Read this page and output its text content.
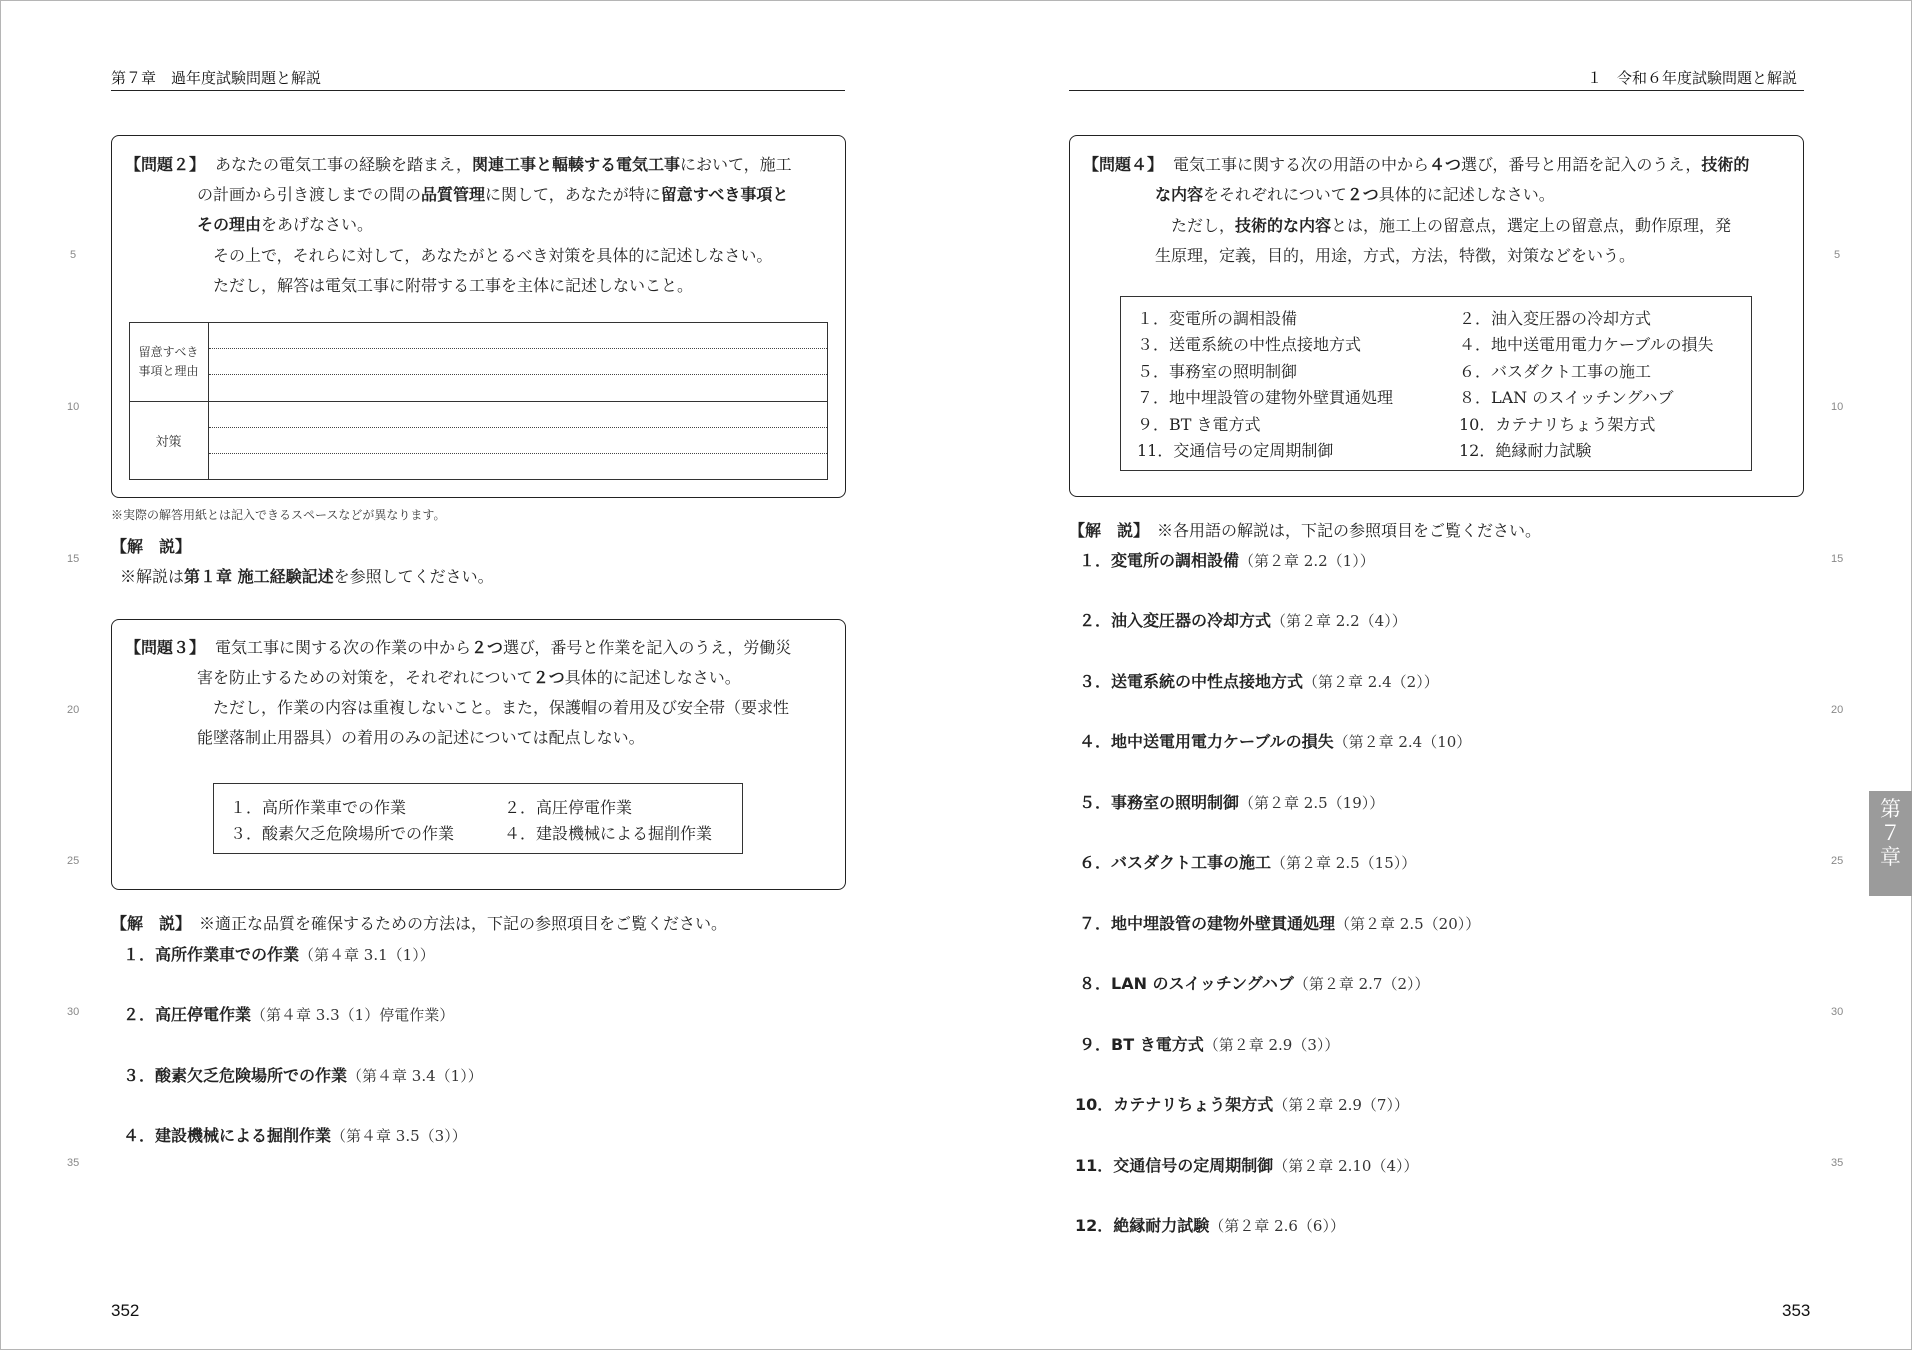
第７章　過年度試験問題と解説
5
10
15
20
25
30
35
【問題２】 あなたの電気工事の経験を踏まえ，関連工事と輻輳する電気工事において，施工
の計画から引き渡しまでの間の品質管理に関して，あなたが特に留意すべき事項と
その理由をあげなさい。
その上で，それらに対して，あなたがとるべき対策を具体的に記述しなさい。
ただし，解答は電気工事に附帯する工事を主体に記述しないこと。
留意すべき
事項と理由
対策
※実際の解答用紙とは記入できるスペースなどが異なります。
【解　説】
※解説は第１章 施工経験記述を参照してください。
【問題３】 電気工事に関する次の作業の中から２つ選び，番号と作業を記入のうえ，労働災
害を防止するための対策を，それぞれについて２つ具体的に記述しなさい。
ただし，作業の内容は重複しないこと。また，保護帽の着用及び安全帯（要求性
能墜落制止用器具）の着用のみの記述については配点しない。
１．高所作業車での作業	２．高圧停電作業
３．酸素欠乏危険場所での作業	４．建設機械による掘削作業
【解　説】 ※適正な品質を確保するための方法は，下記の参照項目をご覧ください。
１．高所作業車での作業（第４章 3.1（1））
２．高圧停電作業（第４章 3.3（1）停電作業）
３．酸素欠乏危険場所での作業（第４章 3.4（1））
４．建設機械による掘削作業（第４章 3.5（3））
352
１　令和６年度試験問題と解説
5
10
15
20
25
30
35
第
７
章
【問題４】 電気工事に関する次の用語の中から４つ選び，番号と用語を記入のうえ，技術的
な内容をそれぞれについて２つ具体的に記述しなさい。
ただし，技術的な内容とは，施工上の留意点，選定上の留意点，動作原理，発
生原理，定義，目的，用途，方式，方法，特徴，対策などをいう。
１．変電所の調相設備	２．油入変圧器の冷却方式
３．送電系統の中性点接地方式	４．地中送電用電力ケーブルの損失
５．事務室の照明制御	６．バスダクト工事の施工
７．地中埋設管の建物外壁貫通処理	８．LAN のスイッチングハブ
９．BT き電方式	10．カテナリちょう架方式
11．交通信号の定周期制御	12．絶縁耐力試験
【解　説】 ※各用語の解説は，下記の参照項目をご覧ください。
１．変電所の調相設備（第２章 2.2（1））
２．油入変圧器の冷却方式（第２章 2.2（4））
３．送電系統の中性点接地方式（第２章 2.4（2））
４．地中送電用電力ケーブルの損失（第２章 2.4（10）
５．事務室の照明制御（第２章 2.5（19））
６．バスダクト工事の施工（第２章 2.5（15））
７．地中埋設管の建物外壁貫通処理（第２章 2.5（20））
８．LAN のスイッチングハブ（第２章 2.7（2））
９．BT き電方式（第２章 2.9（3））
10．カテナリちょう架方式（第２章 2.9（7））
11．交通信号の定周期制御（第２章 2.10（4））
12．絶縁耐力試験（第２章 2.6（6））
353
